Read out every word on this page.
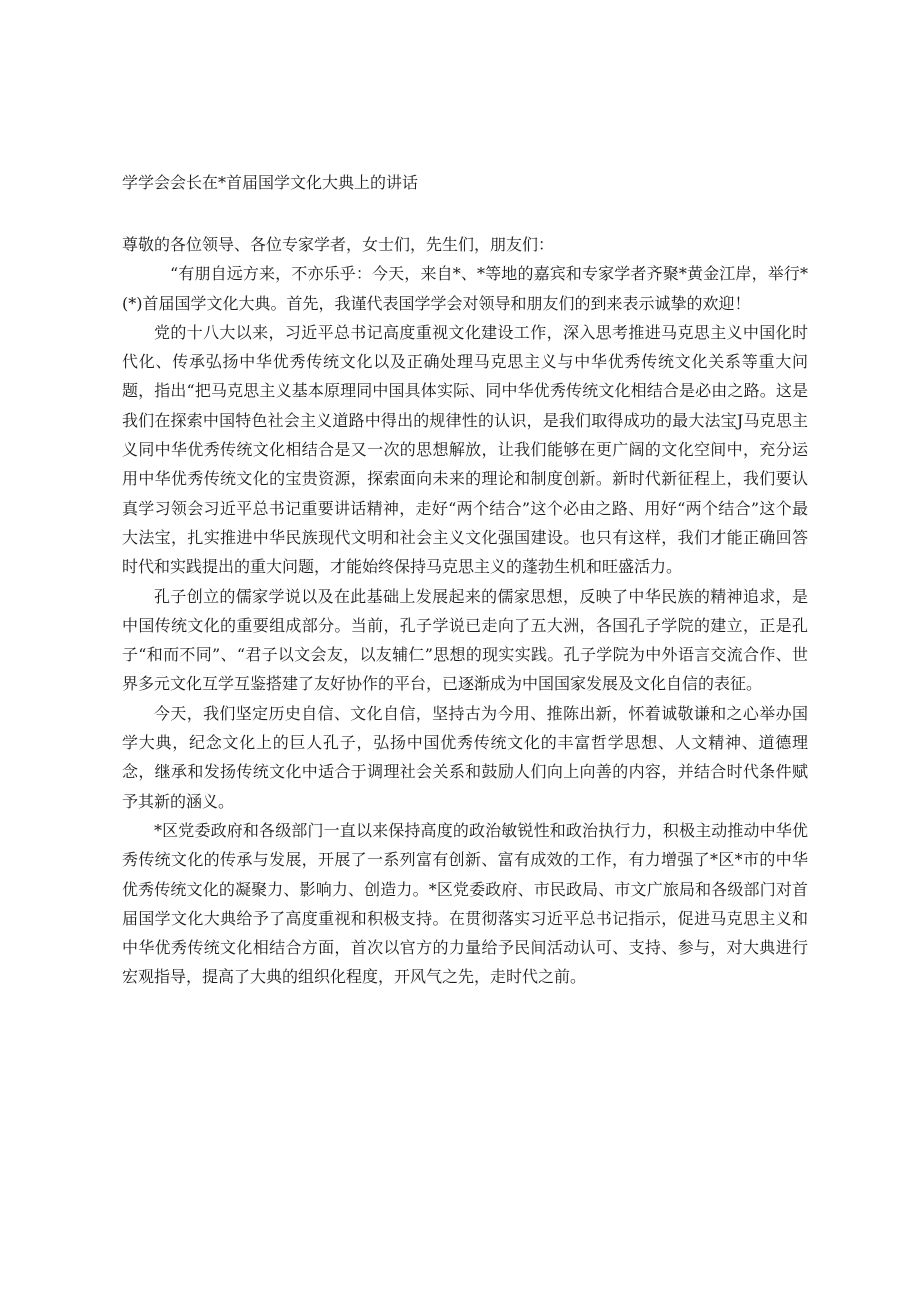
学学会会长在*首届国学文化大典上的讲话

尊敬的各位领导、各位专家学者，女士们，先生们，朋友们：

“有朋自远方来，不亦乐乎：今天，来自*、*等地的嘉宾和专家学者齐聚*黄金江岸，举行*(*)首届国学文化大典。首先，我谨代表国学学会对领导和朋友们的到来表示诚挚的欢迎！

党的十八大以来，习近平总书记高度重视文化建设工作，深入思考推进马克思主义中国化时代化、传承弘扬中华优秀传统文化以及正确处理马克思主义与中华优秀传统文化关系等重大问题，指出“把马克思主义基本原理同中国具体实际、同中华优秀传统文化相结合是必由之路。这是我们在探索中国特色社会主义道路中得出的规律性的认识，是我们取得成功的最大法宝J马克思主义同中华优秀传统文化相结合是又一次的思想解放，让我们能够在更广阔的文化空间中，充分运用中华优秀传统文化的宝贵资源，探索面向未来的理论和制度创新。新时代新征程上，我们要认真学习领会习近平总书记重要讲话精神，走好“两个结合”这个必由之路、用好“两个结合”这个最大法宝，扎实推进中华民族现代文明和社会主义文化强国建设。也只有这样，我们才能正确回答时代和实践提出的重大问题，才能始终保持马克思主义的蓬勃生机和旺盛活力。

孔子创立的儒家学说以及在此基础上发展起来的儒家思想，反映了中华民族的精神追求，是中国传统文化的重要组成部分。当前，孔子学说已走向了五大洲，各国孔子学院的建立，正是孔子“和而不同”、“君子以文会友，以友辅仁”思想的现实实践。孔子学院为中外语言交流合作、世界多元文化互学互鉴搭建了友好协作的平台，已逐渐成为中国国家发展及文化自信的表征。

今天，我们坚定历史自信、文化自信，坚持古为今用、推陈出新，怀着诚敬谦和之心举办国学大典，纪念文化上的巨人孔子，弘扬中国优秀传统文化的丰富哲学思想、人文精神、道德理念，继承和发扬传统文化中适合于调理社会关系和鼓励人们向上向善的内容，并结合时代条件赋予其新的涵义。

*区党委政府和各级部门一直以来保持高度的政治敏锐性和政治执行力，积极主动推动中华优秀传统文化的传承与发展，开展了一系列富有创新、富有成效的工作，有力增强了*区*市的中华优秀传统文化的凝聚力、影响力、创造力。*区党委政府、市民政局、市文广旅局和各级部门对首届国学文化大典给予了高度重视和积极支持。在贯彻落实习近平总书记指示，促进马克思主义和中华优秀传统文化相结合方面，首次以官方的力量给予民间活动认可、支持、参与，对大典进行宏观指导，提高了大典的组织化程度，开风气之先，走时代之前。
